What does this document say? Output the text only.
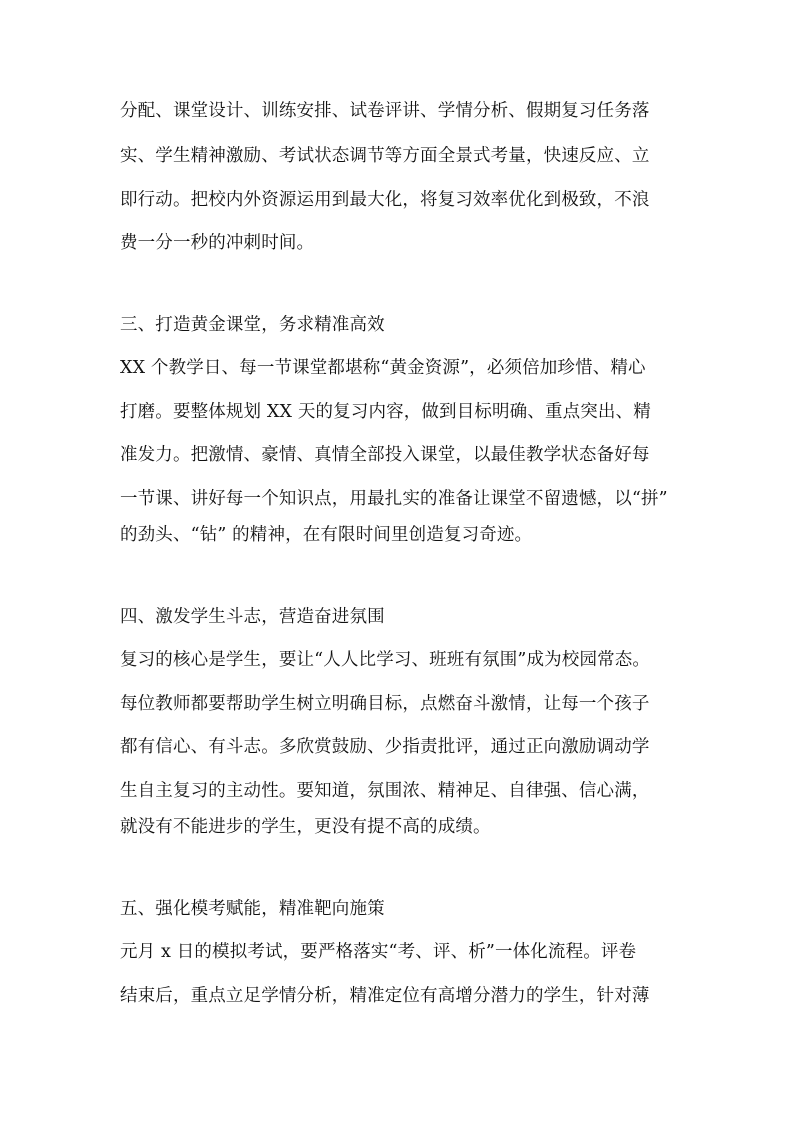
分配、课堂设计、训练安排、试卷评讲、学情分析、假期复习任务落
实、学生精神激励、考试状态调节等方面全景式考量，快速反应、立
即行动。把校内外资源运用到最大化，将复习效率优化到极致，不浪
费一分一秒的冲刺时间。
三、打造黄金课堂，务求精准高效
XX 个教学日、每一节课堂都堪称“黄金资源”，必须倍加珍惜、精心
打磨。要整体规划 XX 天的复习内容，做到目标明确、重点突出、精
准发力。把激情、豪情、真情全部投入课堂，以最佳教学状态备好每
一节课、讲好每一个知识点，用最扎实的准备让课堂不留遗憾，以“拼”
的劲头、“钻” 的精神，在有限时间里创造复习奇迹。
四、激发学生斗志，营造奋进氛围
复习的核心是学生，要让“人人比学习、班班有氛围”成为校园常态。
每位教师都要帮助学生树立明确目标，点燃奋斗激情，让每一个孩子
都有信心、有斗志。多欣赏鼓励、少指责批评，通过正向激励调动学
生自主复习的主动性。要知道，氛围浓、精神足、自律强、信心满，
就没有不能进步的学生，更没有提不高的成绩。
五、强化模考赋能，精准靶向施策
元月 x 日的模拟考试，要严格落实“考、评、析”一体化流程。评卷
结束后，重点立足学情分析，精准定位有高增分潜力的学生，针对薄
